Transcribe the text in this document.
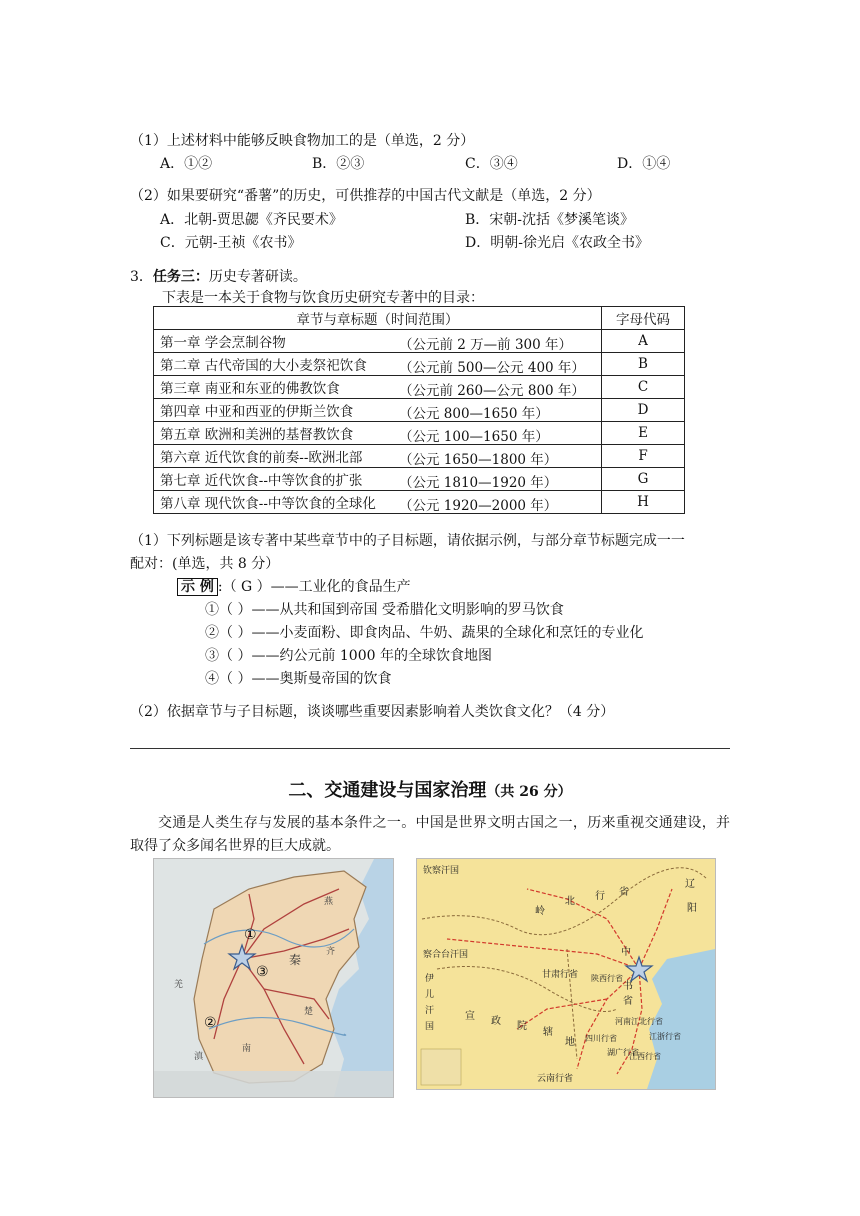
（1）上述材料中能够反映食物加工的是（单选，2 分）
A．①②	B．②③	C．③④	D．①④
（2）如果要研究“番薯”的历史，可供推荐的中国古代文献是（单选，2 分）
A．北朝-贾思勰《齐民要术》	B．宋朝-沈括《梦溪笔谈》
C．元朝-王祯《农书》	D．明朝-徐光启《农政全书》
3．任务三：历史专著研读。
下表是一本关于食物与饮食历史研究专著中的目录：
章节与章标题（时间范围）	字母代码
第一章 学会烹制谷物 （公元前 2 万—前 300 年）	A
第二章 古代帝国的大小麦祭祀饮食 （公元前 500—公元 400 年）	B
第三章 南亚和东亚的佛教饮食 （公元前 260—公元 800 年）	C
第四章 中亚和西亚的伊斯兰饮食 （公元 800—1650 年）	D
第五章 欧洲和美洲的基督教饮食 （公元 100—1650 年）	E
第六章 近代饮食的前奏--欧洲北部 （公元 1650—1800 年）	F
第七章 近代饮食--中等饮食的扩张 （公元 1810—1920 年）	G
第八章 现代饮食--中等饮食的全球化 （公元 1920—2000 年）	H
（1）下列标题是该专著中某些章节中的子目标题，请依据示例，与部分章节标题完成一一
配对：(单选，共 8 分）
示 例 :（ G ）——工业化的食品生产
①（ ）——从共和国到帝国 受希腊化文明影响的罗马饮食
②（ ）——小麦面粉、即食肉品、牛奶、蔬果的全球化和烹饪的专业化
③（ ）——约公元前 1000 年的全球饮食地图
④（ ）——奥斯曼帝国的饮食
（2）依据章节与子目标题，谈谈哪些重要因素影响着人类饮食文化？（4 分）
二、交通建设与国家治理（共 26 分）
交通是人类生存与发展的基本条件之一。中国是世界文明古国之一，历来重视交通建设，并取得了众多闻名世界的巨大成就。
秦
羌
燕
齐
楚
南
滇
①
②
③
钦察汗国
岭
北 行 省
辽
阳
察合台汗国
伊
儿
汗
国
甘肃行省
中
书
省
陕西行省
四川行省
河南江北行省
江浙行省
江西行省
湖广行省
云南行省
宣 政 院
辖
地
